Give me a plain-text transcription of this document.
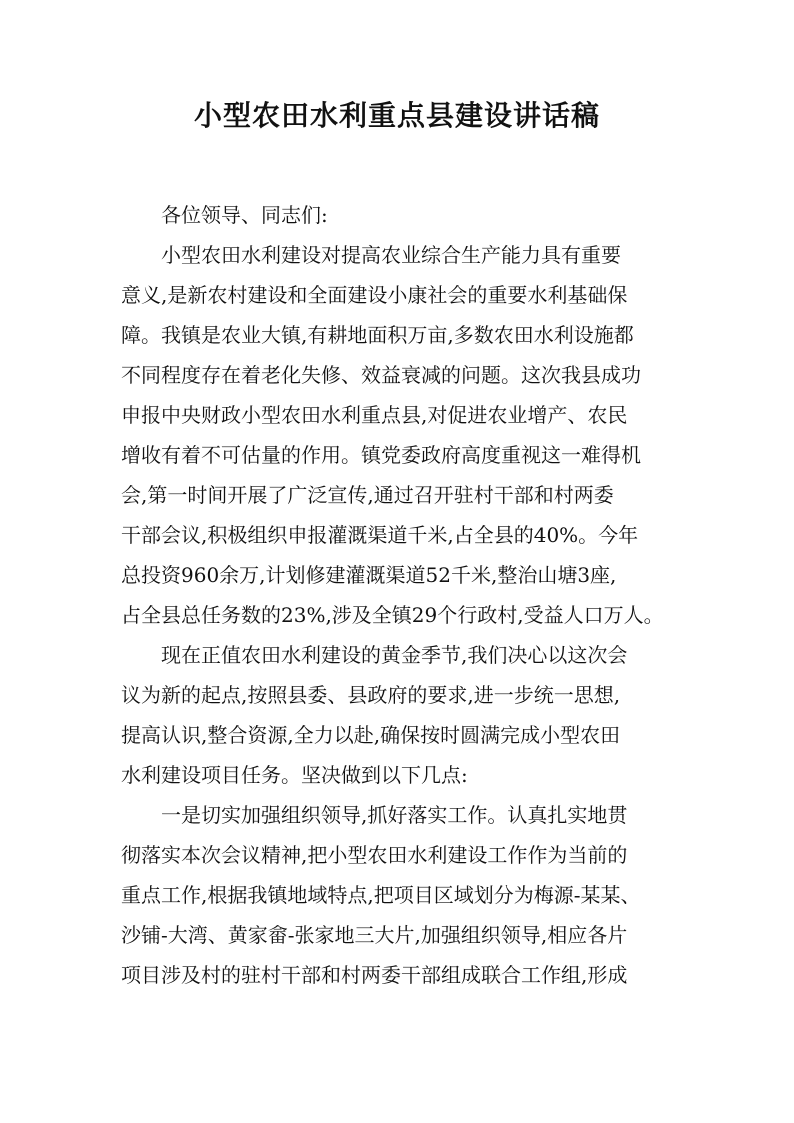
小型农田水利重点县建设讲话稿
各位领导、同志们:
小型农田水利建设对提高农业综合生产能力具有重要
意义,是新农村建设和全面建设小康社会的重要水利基础保
障。我镇是农业大镇,有耕地面积万亩,多数农田水利设施都
不同程度存在着老化失修、效益衰减的问题。这次我县成功
申报中央财政小型农田水利重点县,对促进农业增产、农民
增收有着不可估量的作用。镇党委政府高度重视这一难得机
会,第一时间开展了广泛宣传,通过召开驻村干部和村两委
干部会议,积极组织申报灌溉渠道千米,占全县的40%。今年
总投资960余万,计划修建灌溉渠道52千米,整治山塘3座,
占全县总任务数的23%,涉及全镇29个行政村,受益人口万人。
现在正值农田水利建设的黄金季节,我们决心以这次会
议为新的起点,按照县委、县政府的要求,进一步统一思想,
提高认识,整合资源,全力以赴,确保按时圆满完成小型农田
水利建设项目任务。坚决做到以下几点:
一是切实加强组织领导,抓好落实工作。认真扎实地贯
彻落实本次会议精神,把小型农田水利建设工作作为当前的
重点工作,根据我镇地域特点,把项目区域划分为梅源-某某、
沙铺-大湾、黄家畲-张家地三大片,加强组织领导,相应各片
项目涉及村的驻村干部和村两委干部组成联合工作组,形成
